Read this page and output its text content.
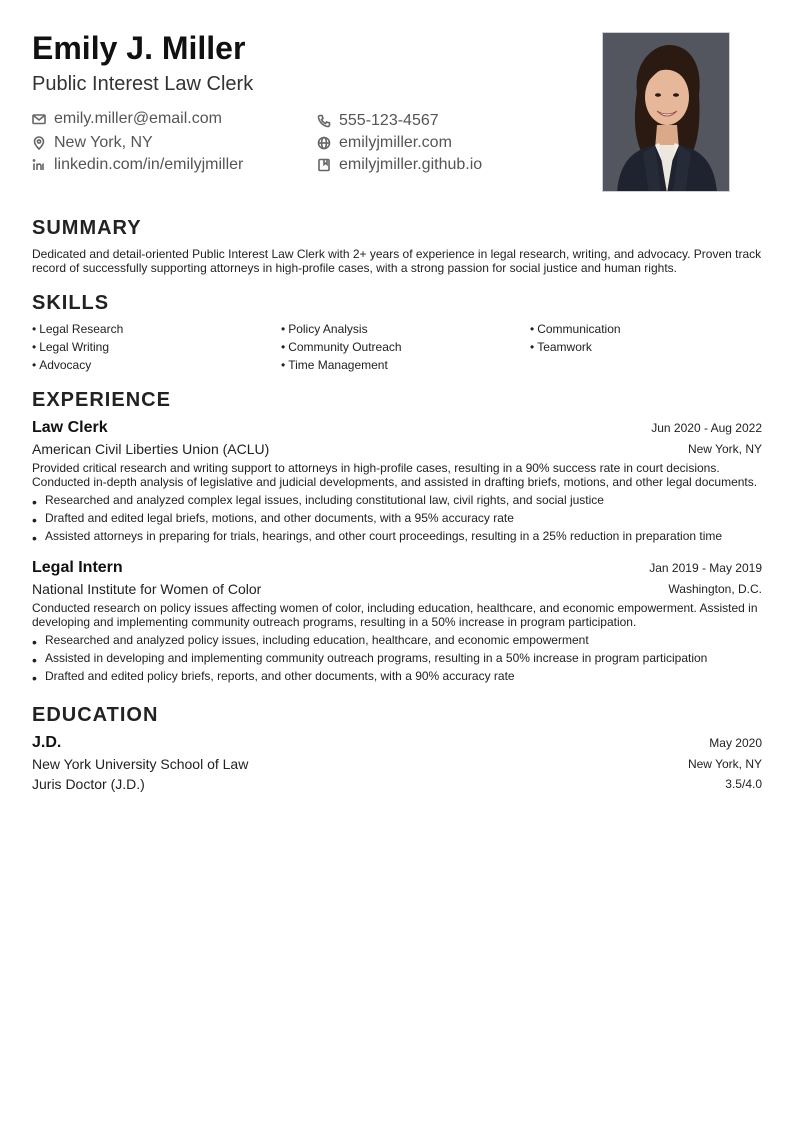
Emily J. Miller
Public Interest Law Clerk
emily.miller@email.com	555-123-4567
New York, NY	emilyjmiller.com
linkedin.com/in/emilyjmiller	emilyjmiller.github.io
SUMMARY
Dedicated and detail-oriented Public Interest Law Clerk with 2+ years of experience in legal research, writing, and advocacy. Proven track record of successfully supporting attorneys in high-profile cases, with a strong passion for social justice and human rights.
SKILLS
• Legal Research	• Policy Analysis	• Communication
• Legal Writing	• Community Outreach	• Teamwork
• Advocacy	• Time Management
EXPERIENCE
Law Clerk	Jun 2020 - Aug 2022
American Civil Liberties Union (ACLU)	New York, NY
Provided critical research and writing support to attorneys in high-profile cases, resulting in a 90% success rate in court decisions. Conducted in-depth analysis of legislative and judicial developments, and assisted in drafting briefs, motions, and other legal documents.
• Researched and analyzed complex legal issues, including constitutional law, civil rights, and social justice
• Drafted and edited legal briefs, motions, and other documents, with a 95% accuracy rate
• Assisted attorneys in preparing for trials, hearings, and other court proceedings, resulting in a 25% reduction in preparation time
Legal Intern	Jan 2019 - May 2019
National Institute for Women of Color	Washington, D.C.
Conducted research on policy issues affecting women of color, including education, healthcare, and economic empowerment. Assisted in developing and implementing community outreach programs, resulting in a 50% increase in program participation.
• Researched and analyzed policy issues, including education, healthcare, and economic empowerment
• Assisted in developing and implementing community outreach programs, resulting in a 50% increase in program participation
• Drafted and edited policy briefs, reports, and other documents, with a 90% accuracy rate
EDUCATION
J.D.	May 2020
New York University School of Law	New York, NY
Juris Doctor (J.D.)	3.5/4.0
